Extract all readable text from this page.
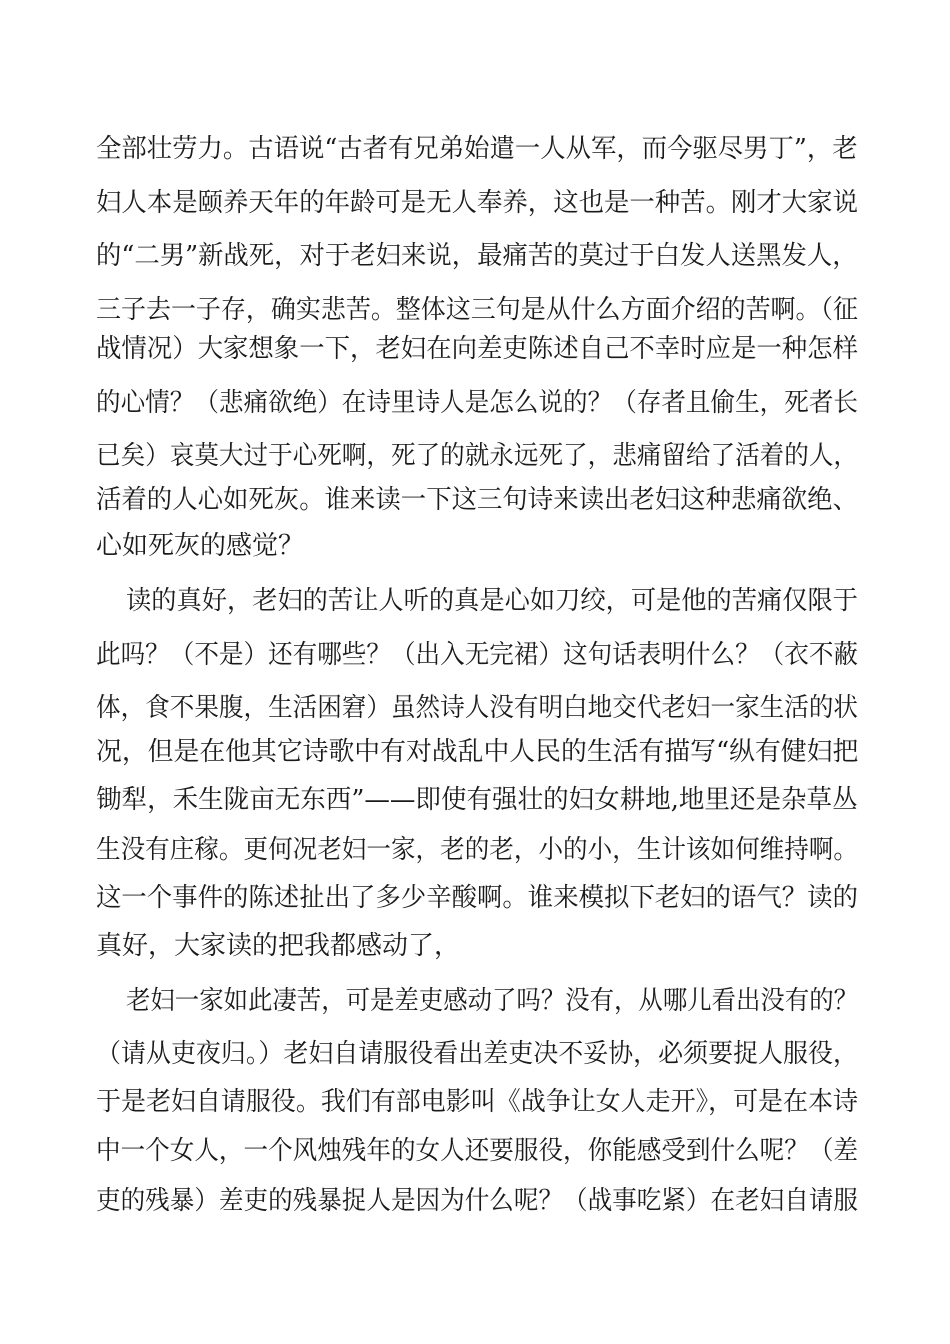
全部壮劳力。古语说“古者有兄弟始遣一人从军，而今驱尽男丁”，老
妇人本是颐养天年的年龄可是无人奉养，这也是一种苦。刚才大家说
的“二男”新战死，对于老妇来说，最痛苦的莫过于白发人送黑发人，
三子去一子存，确实悲苦。整体这三句是从什么方面介绍的苦啊。（征
战情况）大家想象一下，老妇在向差吏陈述自己不幸时应是一种怎样
的心情？（悲痛欲绝）在诗里诗人是怎么说的？（存者且偷生，死者长
已矣）哀莫大过于心死啊，死了的就永远死了，悲痛留给了活着的人，
活着的人心如死灰。谁来读一下这三句诗来读出老妇这种悲痛欲绝、
心如死灰的感觉？
读的真好，老妇的苦让人听的真是心如刀绞，可是他的苦痛仅限于
此吗？（不是）还有哪些？（出入无完裙）这句话表明什么？（衣不蔽
体，食不果腹，生活困窘）虽然诗人没有明白地交代老妇一家生活的状
况，但是在他其它诗歌中有对战乱中人民的生活有描写“纵有健妇把
锄犁，禾生陇亩无东西”——即使有强壮的妇女耕地,地里还是杂草丛
生没有庄稼。更何况老妇一家，老的老，小的小，生计该如何维持啊。
这一个事件的陈述扯出了多少辛酸啊。谁来模拟下老妇的语气？读的
真好，大家读的把我都感动了，
老妇一家如此凄苦，可是差吏感动了吗？没有，从哪儿看出没有的？
（请从吏夜归。）老妇自请服役看出差吏决不妥协，必须要捉人服役，
于是老妇自请服役。我们有部电影叫《战争让女人走开》，可是在本诗
中一个女人，一个风烛残年的女人还要服役，你能感受到什么呢？（差
吏的残暴）差吏的残暴捉人是因为什么呢？（战事吃紧）在老妇自请服
